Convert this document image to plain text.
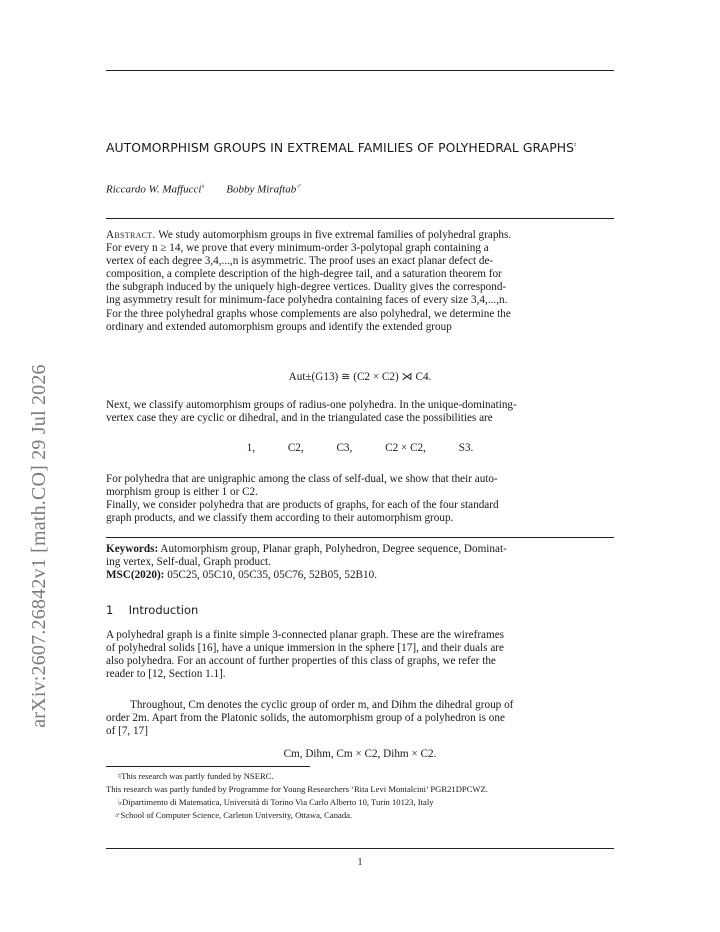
arXiv:2607.26842v1 [math.CO] 29 Jul 2026
AUTOMORPHISM GROUPS IN EXTREMAL FAMILIES OF POLYHEDRAL GRAPHS♮
Riccardo W. Maffucci♭ Bobby Miraftab♂
Abstract. We study automorphism groups in five extremal families of polyhedral graphs.
For every n ≥ 14, we prove that every minimum-order 3-polytopal graph containing a
vertex of each degree 3,4,...,n is asymmetric. The proof uses an exact planar defect de-
composition, a complete description of the high-degree tail, and a saturation theorem for
the subgraph induced by the uniquely high-degree vertices. Duality gives the correspond-
ing asymmetry result for minimum-face polyhedra containing faces of every size 3,4,...,n.
For the three polyhedral graphs whose complements are also polyhedral, we determine the
ordinary and extended automorphism groups and identify the extended group
Aut±(G13) ≅ (C2 × C2) ⋊ C4.
Next, we classify automorphism groups of radius-one polyhedra. In the unique-dominating-
vertex case they are cyclic or dihedral, and in the triangulated case the possibilities are
1,	C2,	C3,	C2 × C2,	S3.
For polyhedra that are unigraphic among the class of self-dual, we show that their auto-
morphism group is either 1 or C2.
Finally, we consider polyhedra that are products of graphs, for each of the four standard
graph products, and we classify them according to their automorphism group.
Keywords: Automorphism group, Planar graph, Polyhedron, Degree sequence, Dominat-
ing vertex, Self-dual, Graph product.
MSC(2020): 05C25, 05C10, 05C35, 05C76, 52B05, 52B10.
1 Introduction
A polyhedral graph is a finite simple 3-connected planar graph. These are the wireframes
of polyhedral solids [16], have a unique immersion in the sphere [17], and their duals are
also polyhedra. For an account of further properties of this class of graphs, we refer the
reader to [12, Section 1.1].
Throughout, Cm denotes the cyclic group of order m, and Dihm the dihedral group of
order 2m. Apart from the Platonic solids, the automorphism group of a polyhedron is one
of [7, 17]
Cm, Dihm, Cm × C2, Dihm × C2.
♮This research was partly funded by NSERC.
This research was partly funded by Programme for Young Researchers ‘Rita Levi Montalcini’ PGR21DPCWZ.
♭Dipartimento di Matematica, Università di Torino Via Carlo Alberto 10, Turin 10123, Italy
♂School of Computer Science, Carleton University, Ottawa, Canada.
1
